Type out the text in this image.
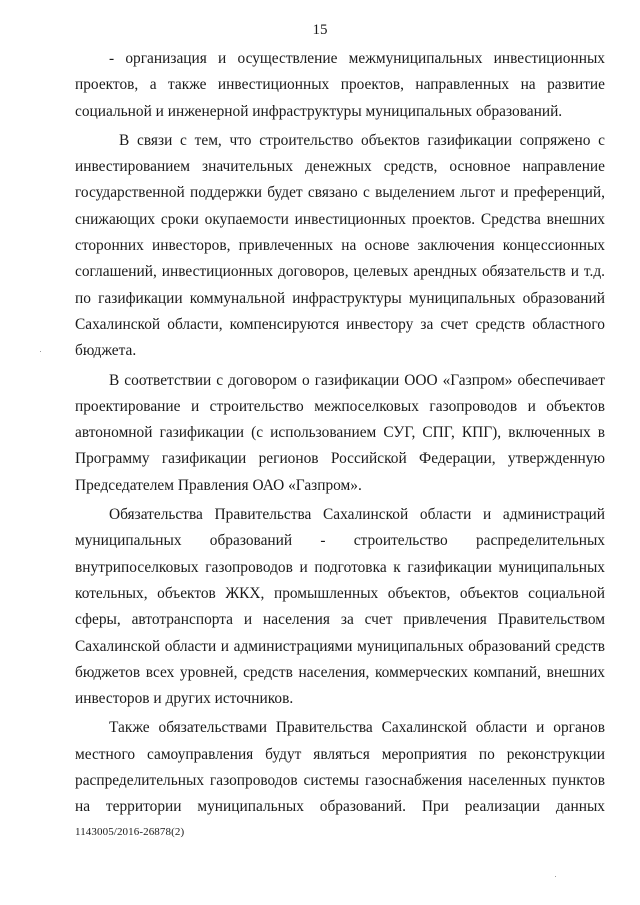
15
- организация и осуществление межмуниципальных инвестиционных
проектов, а также инвестиционных проектов, направленных на развитие
социальной и инженерной инфраструктуры муниципальных образований.
В связи с тем, что строительство объектов газификации сопряжено с
инвестированием значительных денежных средств, основное направление
государственной поддержки будет связано с выделением льгот и преференций,
снижающих сроки окупаемости инвестиционных проектов. Средства внешних
сторонних инвесторов, привлеченных на основе заключения концессионных
соглашений, инвестиционных договоров, целевых арендных обязательств и т.д.
по газификации коммунальной инфраструктуры муниципальных образований
Сахалинской области, компенсируются инвестору за счет средств областного
бюджета.
В соответствии с договором о газификации ООО «Газпром» обеспечивает
проектирование и строительство межпоселковых газопроводов и объектов
автономной газификации (с использованием СУГ, СПГ, КПГ), включенных в
Программу газификации регионов Российской Федерации, утвержденную
Председателем Правления ОАО «Газпром».
Обязательства Правительства Сахалинской области и администраций
муниципальных образований - строительство распределительных
внутрипоселковых газопроводов и подготовка к газификации муниципальных
котельных, объектов ЖКХ, промышленных объектов, объектов социальной
сферы, автотранспорта и населения за счет привлечения Правительством
Сахалинской области и администрациями муниципальных образований средств
бюджетов всех уровней, средств населения, коммерческих компаний, внешних
инвесторов и других источников.
Также обязательствами Правительства Сахалинской области и органов
местного самоуправления будут являться мероприятия по реконструкции
распределительных газопроводов системы газоснабжения населенных пунктов
на территории муниципальных образований. При реализации данных
1143005/2016-26878(2)
